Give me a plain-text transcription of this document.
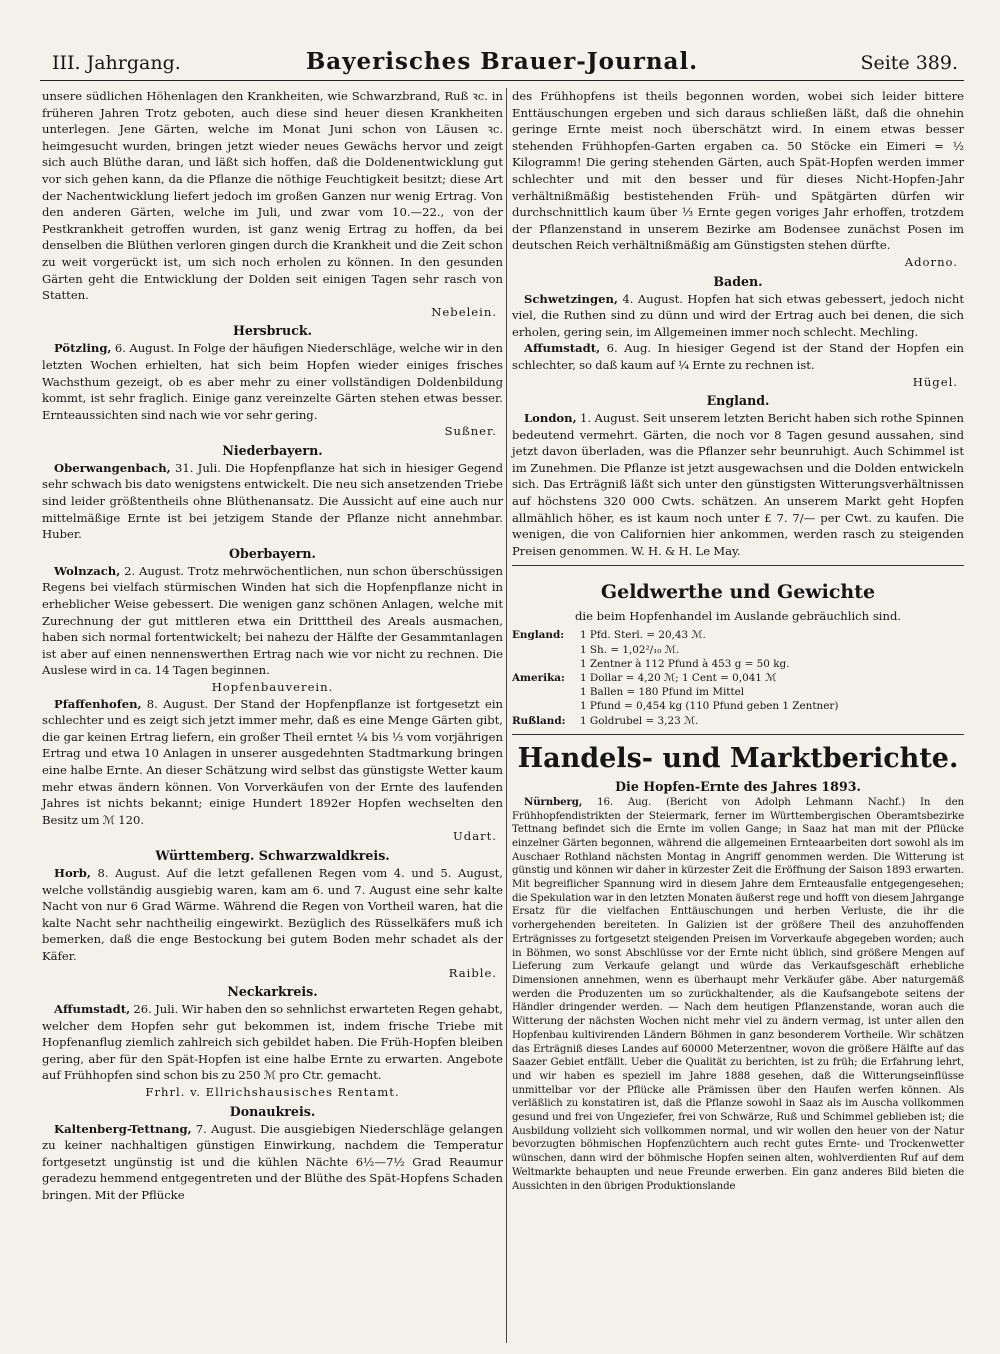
III. Jahrgang.	Bayerisches Brauer-Journal.	Seite 389.

unsere südlichen Höhenlagen den Krankheiten, wie Schwarzbrand, Ruß ꝛc. in früheren Jahren Trotz geboten, auch diese sind heuer diesen Krankheiten unterlegen. Jene Gärten, welche im Monat Juni schon von Läusen ꝛc. heimgesucht wurden, bringen jetzt wieder neues Gewächs hervor und zeigt sich auch Blüthe daran, und läßt sich hoffen, daß die Doldenentwicklung gut vor sich gehen kann, da die Pflanze die nöthige Feuchtigkeit besitzt; diese Art der Nachentwicklung liefert jedoch im großen Ganzen nur wenig Ertrag. Von den anderen Gärten, welche im Juli, und zwar vom 10.—22., von der Pestkrankheit getroffen wurden, ist ganz wenig Ertrag zu hoffen, da bei denselben die Blüthen verloren gingen durch die Krankheit und die Zeit schon zu weit vorgerückt ist, um sich noch erholen zu können. In den gesunden Gärten geht die Entwicklung der Dolden seit einigen Tagen sehr rasch von Statten.

Nebelein.
Hersbruck.

Pötzling, 6. August. In Folge der häufigen Niederschläge, welche wir in den letzten Wochen erhielten, hat sich beim Hopfen wieder einiges frisches Wachsthum gezeigt, ob es aber mehr zu einer vollständigen Doldenbildung kommt, ist sehr fraglich. Einige ganz vereinzelte Gärten stehen etwas besser. Ernteaussichten sind nach wie vor sehr gering.

Sußner.
Niederbayern.

Oberwangenbach, 31. Juli. Die Hopfenpflanze hat sich in hiesiger Gegend sehr schwach bis dato wenigstens entwickelt. Die neu sich ansetzenden Triebe sind leider größtentheils ohne Blüthenansatz. Die Aussicht auf eine auch nur mittelmäßige Ernte ist bei jetzigem Stande der Pflanze nicht annehmbar. Huber.

Oberbayern.

Wolnzach, 2. August. Trotz mehrwöchentlichen, nun schon überschüssigen Regens bei vielfach stürmischen Winden hat sich die Hopfenpflanze nicht in erheblicher Weise gebessert. Die wenigen ganz schönen Anlagen, welche mit Zurechnung der gut mittleren etwa ein Dritttheil des Areals ausmachen, haben sich normal fortentwickelt; bei nahezu der Hälfte der Gesammtanlagen ist aber auf einen nennenswerthen Ertrag nach wie vor nicht zu rechnen. Die Auslese wird in ca. 14 Tagen beginnen.

Hopfenbauverein.

Pfaffenhofen, 8. August. Der Stand der Hopfenpflanze ist fortgesetzt ein schlechter und es zeigt sich jetzt immer mehr, daß es eine Menge Gärten gibt, die gar keinen Ertrag liefern, ein großer Theil erntet ¼ bis ⅓ vom vorjährigen Ertrag und etwa 10 Anlagen in unserer ausgedehnten Stadtmarkung bringen eine halbe Ernte. An dieser Schätzung wird selbst das günstigste Wetter kaum mehr etwas ändern können. Von Vorverkäufen von der Ernte des laufenden Jahres ist nichts bekannt; einige Hundert 1892er Hopfen wechselten den Besitz um ℳ 120.

Udart.
Württemberg. Schwarzwaldkreis.

Horb, 8. August. Auf die letzt gefallenen Regen vom 4. und 5. August, welche vollständig ausgiebig waren, kam am 6. und 7. August eine sehr kalte Nacht von nur 6 Grad Wärme. Während die Regen von Vortheil waren, hat die kalte Nacht sehr nachtheilig eingewirkt. Bezüglich des Rüsselkäfers muß ich bemerken, daß die enge Bestockung bei gutem Boden mehr schadet als der Käfer.

Raible.
Neckarkreis.

Affumstadt, 26. Juli. Wir haben den so sehnlichst erwarteten Regen gehabt, welcher dem Hopfen sehr gut bekommen ist, indem frische Triebe mit Hopfenanflug ziemlich zahlreich sich gebildet haben. Die Früh-Hopfen bleiben gering, aber für den Spät-Hopfen ist eine halbe Ernte zu erwarten. Angebote auf Frühhopfen sind schon bis zu 250 ℳ pro Ctr. gemacht.

Frhrl. v. Ellrichshausisches Rentamt.
Donaukreis.

Kaltenberg-Tettnang, 7. August. Die ausgiebigen Niederschläge gelangen zu keiner nachhaltigen günstigen Einwirkung, nachdem die Temperatur fortgesetzt ungünstig ist und die kühlen Nächte 6½—7½ Grad Reaumur geradezu hemmend entgegentreten und der Blüthe des Spät-Hopfens Schaden bringen. Mit der Pflücke

des Frühhopfens ist theils begonnen worden, wobei sich leider bittere Enttäuschungen ergeben und sich daraus schließen läßt, daß die ohnehin geringe Ernte meist noch überschätzt wird. In einem etwas besser stehenden Frühhopfen-Garten ergaben ca. 50 Stöcke ein Eimeri = ½ Kilogramm! Die gering stehenden Gärten, auch Spät-Hopfen werden immer schlechter und mit den besser und für dieses Nicht-Hopfen-Jahr verhältnißmäßig bestistehenden Früh- und Spätgärten dürfen wir durchschnittlich kaum über ⅓ Ernte gegen voriges Jahr erhoffen, trotzdem der Pflanzenstand in unserem Bezirke am Bodensee zunächst Posen im deutschen Reich verhältnißmäßig am Günstigsten stehen dürfte.

Adorno.
Baden.

Schwetzingen, 4. August. Hopfen hat sich etwas gebessert, jedoch nicht viel, die Ruthen sind zu dünn und wird der Ertrag auch bei denen, die sich erholen, gering sein, im Allgemeinen immer noch schlecht. Mechling.

Affumstadt, 6. Aug. In hiesiger Gegend ist der Stand der Hopfen ein schlechter, so daß kaum auf ¼ Ernte zu rechnen ist.

Hügel.
England.

London, 1. August. Seit unserem letzten Bericht haben sich rothe Spinnen bedeutend vermehrt. Gärten, die noch vor 8 Tagen gesund aussahen, sind jetzt davon überladen, was die Pflanzer sehr beunruhigt. Auch Schimmel ist im Zunehmen. Die Pflanze ist jetzt ausgewachsen und die Dolden entwickeln sich. Das Erträgniß läßt sich unter den günstigsten Witterungsverhältnissen auf höchstens 320 000 Cwts. schätzen. An unserem Markt geht Hopfen allmählich höher, es ist kaum noch unter £ 7. 7/— per Cwt. zu kaufen. Die wenigen, die von Californien hier ankommen, werden rasch zu steigenden Preisen genommen. W. H. & H. Le May.

Geldwerthe und Gewichte
die beim Hopfenhandel im Auslande gebräuchlich sind.
England:	1 Pfd. Sterl. = 20,43 ℳ.
1 Sh. = 1,02²/₁₀ ℳ.
1 Zentner à 112 Pfund à 453 g = 50 kg.
Amerika:	1 Dollar = 4,20 ℳ; 1 Cent = 0,041 ℳ
1 Ballen = 180 Pfund im Mittel
1 Pfund = 0,454 kg (110 Pfund geben 1 Zentner)
Rußland:	1 Goldrubel = 3,23 ℳ.
Handels- und Marktberichte.
Die Hopfen-Ernte des Jahres 1893.

Nürnberg, 16. Aug. (Bericht von Adolph Lehmann Nachf.) In den Frühhopfendistrikten der Steiermark, ferner im Württembergischen Oberamtsbezirke Tettnang befindet sich die Ernte im vollen Gange; in Saaz hat man mit der Pflücke einzelner Gärten begonnen, während die allgemeinen Ernteaarbeiten dort sowohl als im Auschaer Rothland nächsten Montag in Angriff genommen werden. Die Witterung ist günstig und können wir daher in kürzester Zeit die Eröffnung der Saison 1893 erwarten. Mit begreiflicher Spannung wird in diesem Jahre dem Ernteausfalle entgegengesehen; die Spekulation war in den letzten Monaten äußerst rege und hofft von diesem Jahrgange Ersatz für die vielfachen Enttäuschungen und herben Verluste, die ihr die vorhergehenden bereiteten. In Galizien ist der größere Theil des anzuhoffenden Erträgnisses zu fortgesetzt steigenden Preisen im Vorverkaufe abgegeben worden; auch in Böhmen, wo sonst Abschlüsse vor der Ernte nicht üblich, sind größere Mengen auf Lieferung zum Verkaufe gelangt und würde das Verkaufsgeschäft erhebliche Dimensionen annehmen, wenn es überhaupt mehr Verkäufer gäbe. Aber naturgemäß werden die Produzenten um so zurückhaltender, als die Kaufsangebote seitens der Händler dringender werden. — Nach dem heutigen Pflanzenstande, woran auch die Witterung der nächsten Wochen nicht mehr viel zu ändern vermag, ist unter allen den Hopfenbau kultivirenden Ländern Böhmen in ganz besonderem Vortheile. Wir schätzen das Erträgniß dieses Landes auf 60000 Meterzentner, wovon die größere Hälfte auf das Saazer Gebiet entfällt. Ueber die Qualität zu berichten, ist zu früh; die Erfahrung lehrt, und wir haben es speziell im Jahre 1888 gesehen, daß die Witterungseinflüsse unmittelbar vor der Pflücke alle Prämissen über den Haufen werfen können. Als verläßlich zu konstatiren ist, daß die Pflanze sowohl in Saaz als im Auscha vollkommen gesund und frei von Ungeziefer, frei von Schwärze, Ruß und Schimmel geblieben ist; die Ausbildung vollzieht sich vollkommen normal, und wir wollen den heuer von der Natur bevorzugten böhmischen Hopfenzüchtern auch recht gutes Ernte- und Trockenwetter wünschen, dann wird der böhmische Hopfen seinen alten, wohlverdienten Ruf auf dem Weltmarkte behaupten und neue Freunde erwerben. Ein ganz anderes Bild bieten die Aussichten in den übrigen Produktionslande
